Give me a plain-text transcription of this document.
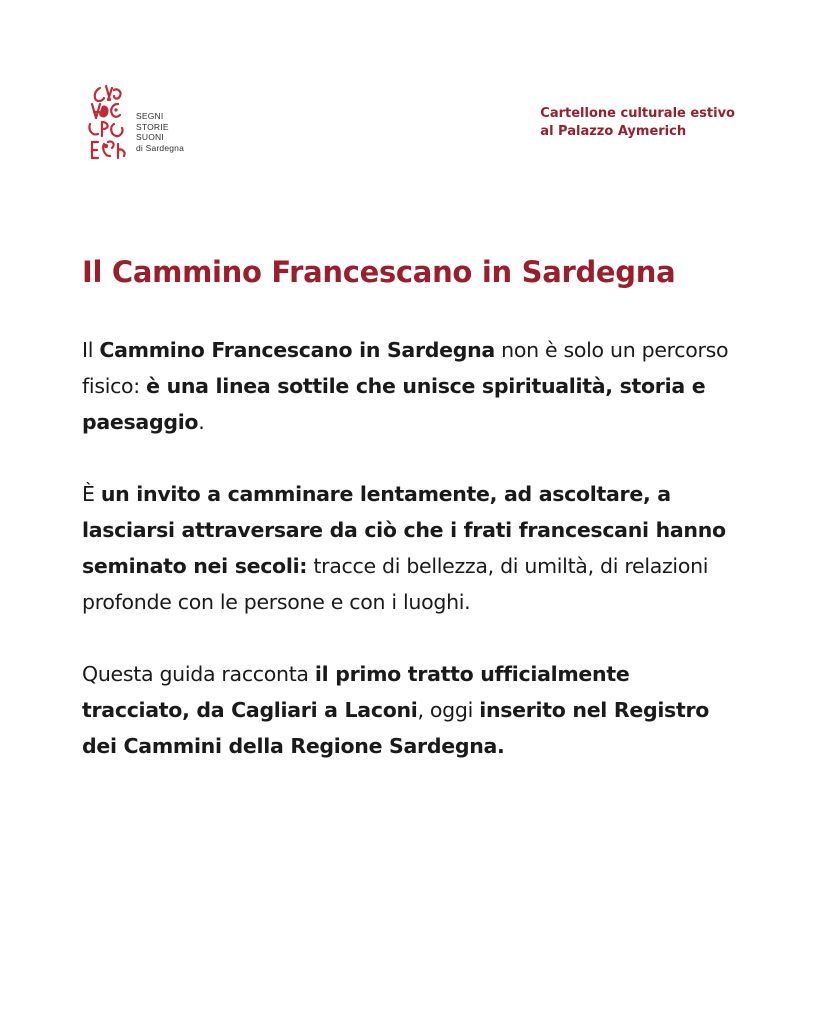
SEGNI
STORIE
SUONI
di Sardegna
Cartellone culturale estivo
al Palazzo Aymerich
Il Cammino Francescano in Sardegna

Il Cammino Francescano in Sardegna non è solo un percorso fisico: è una linea sottile che unisce spiritualità, storia e paesaggio.

È un invito a camminare lentamente, ad ascoltare, a lasciarsi attraversare da ciò che i frati francescani hanno seminato nei secoli: tracce di bellezza, di umiltà, di relazioni profonde con le persone e con i luoghi.

Questa guida racconta il primo tratto ufficialmente tracciato, da Cagliari a Laconi, oggi inserito nel Registro dei Cammini della Regione Sardegna.
